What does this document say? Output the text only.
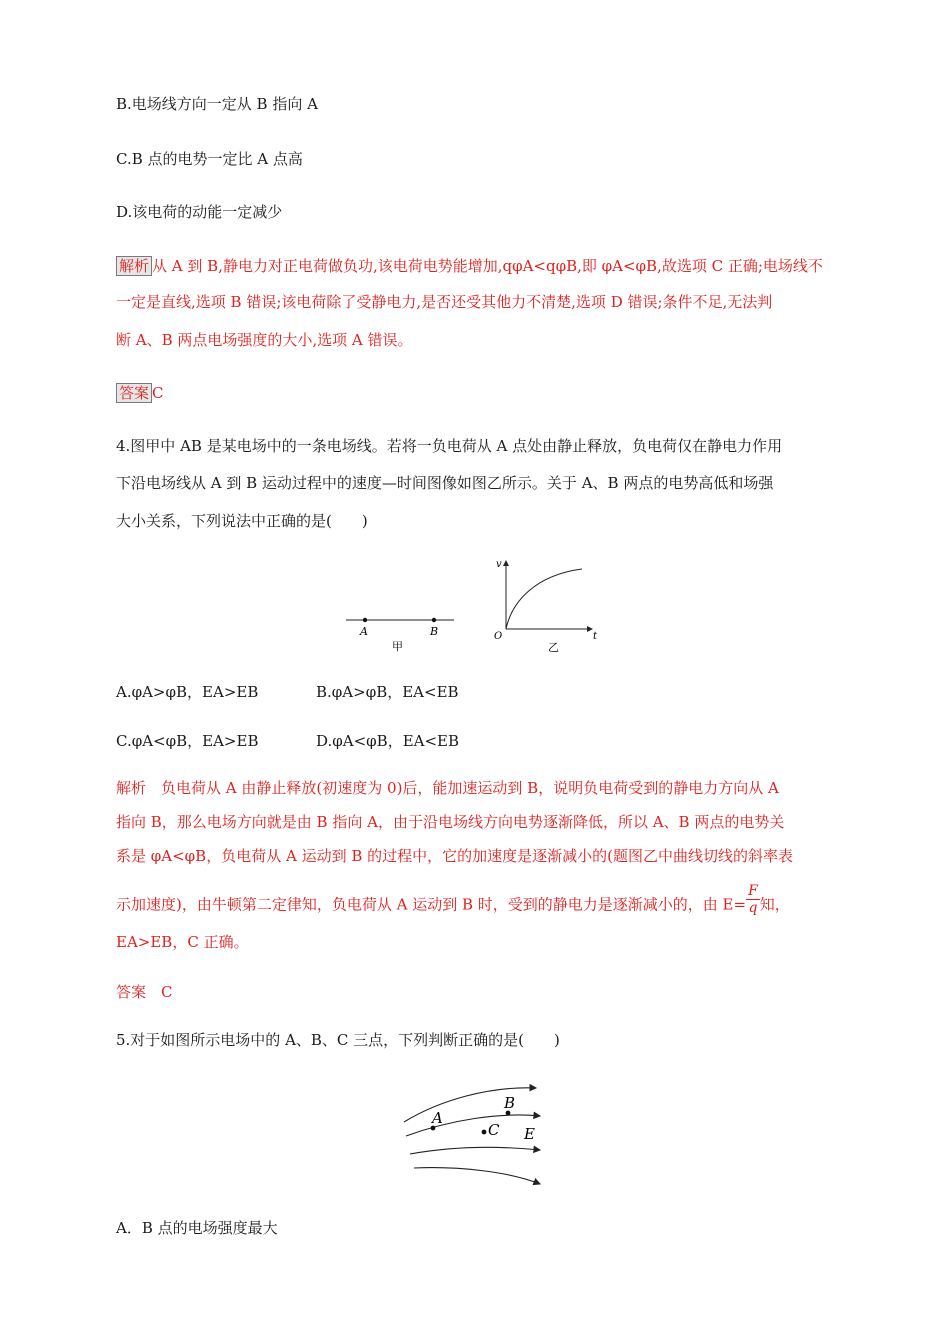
B.电场线方向一定从 B 指向 A
C.B 点的电势一定比 A 点高
D.该电荷的动能一定减少
解析 从 A 到 B,静电力对正电荷做负功,该电荷电势能增加,qφA<qφB,即 φA<φB,故选项 C 正确;电场线不
一定是直线,选项 B 错误;该电荷除了受静电力,是否还受其他力不清楚,选项 D 错误;条件不足,无法判
断 A、B 两点电场强度的大小,选项 A 错误。
答案 C
4.图甲中 AB 是某电场中的一条电场线。若将一负电荷从 A 点处由静止释放，负电荷仅在静电力作用
下沿电场线从 A 到 B 运动过程中的速度—时间图像如图乙所示。关于 A、B 两点的电势高低和场强
大小关系，下列说法中正确的是(　　)
A	B
甲
v
t
O
乙
A.φA>φB，EA>EB	B.φA>φB，EA<EB
C.φA<φB，EA>EB	D.φA<φB，EA<EB
解析　 负电荷从 A 由静止释放(初速度为 0)后，能加速运动到 B，说明负电荷受到的静电力方向从 A
指向 B，那么电场方向就是由 B 指向 A，由于沿电场线方向电势逐渐降低，所以 A、B 两点的电势关
系是 φA<φB，负电荷从 A 运动到 B 的过程中，它的加速度是逐渐减小的(题图乙中曲线切线的斜率表
示加速度)，由牛顿第二定律知，负电荷从 A 运动到 B 时，受到的静电力是逐渐减小的，由 $E= \frac{F}{q}$ 知，
EA>EB，C 正确。
答案　 C
5.对于如图所示电场中的 A、B、C 三点，下列判断正确的是(　　)
A
B
C E
A．B 点的电场强度最大
